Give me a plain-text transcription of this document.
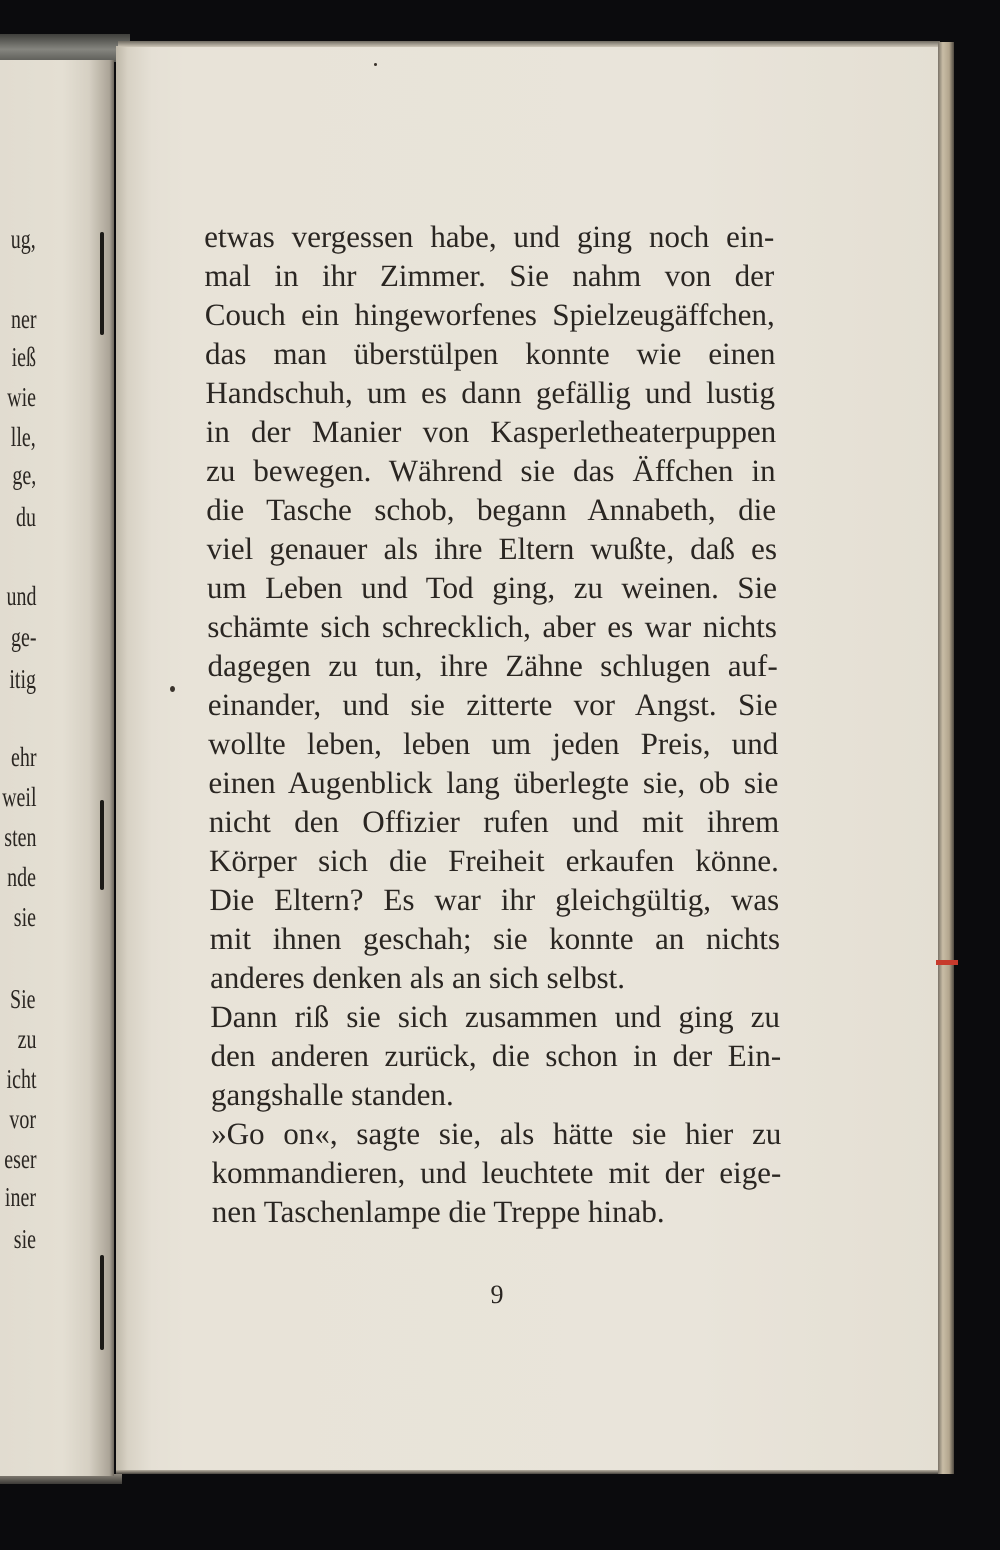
ug,
ner
ieß
wie
lle,
ge,
du
und
ge-
itig
ehr
weil
sten
nde
sie
Sie
zu
icht
vor
eser
iner
sie
etwas vergessen habe, und ging noch ein-
mal in ihr Zimmer. Sie nahm von der
Couch ein hingeworfenes Spielzeugäffchen,
das man überstülpen konnte wie einen
Handschuh, um es dann gefällig und lustig
in der Manier von Kasperletheaterpuppen
zu bewegen. Während sie das Äffchen in
die Tasche schob, begann Annabeth, die
viel genauer als ihre Eltern wußte, daß es
um Leben und Tod ging, zu weinen. Sie
schämte sich schrecklich, aber es war nichts
dagegen zu tun, ihre Zähne schlugen auf-
einander, und sie zitterte vor Angst. Sie
wollte leben, leben um jeden Preis, und
einen Augenblick lang überlegte sie, ob sie
nicht den Offizier rufen und mit ihrem
Körper sich die Freiheit erkaufen könne.
Die Eltern? Es war ihr gleichgültig, was
mit ihnen geschah; sie konnte an nichts
anderes denken als an sich selbst.
Dann riß sie sich zusammen und ging zu
den anderen zurück, die schon in der Ein-
gangshalle standen.
»Go on«, sagte sie, als hätte sie hier zu
kommandieren, und leuchtete mit der eige-
nen Taschenlampe die Treppe hinab.
9
